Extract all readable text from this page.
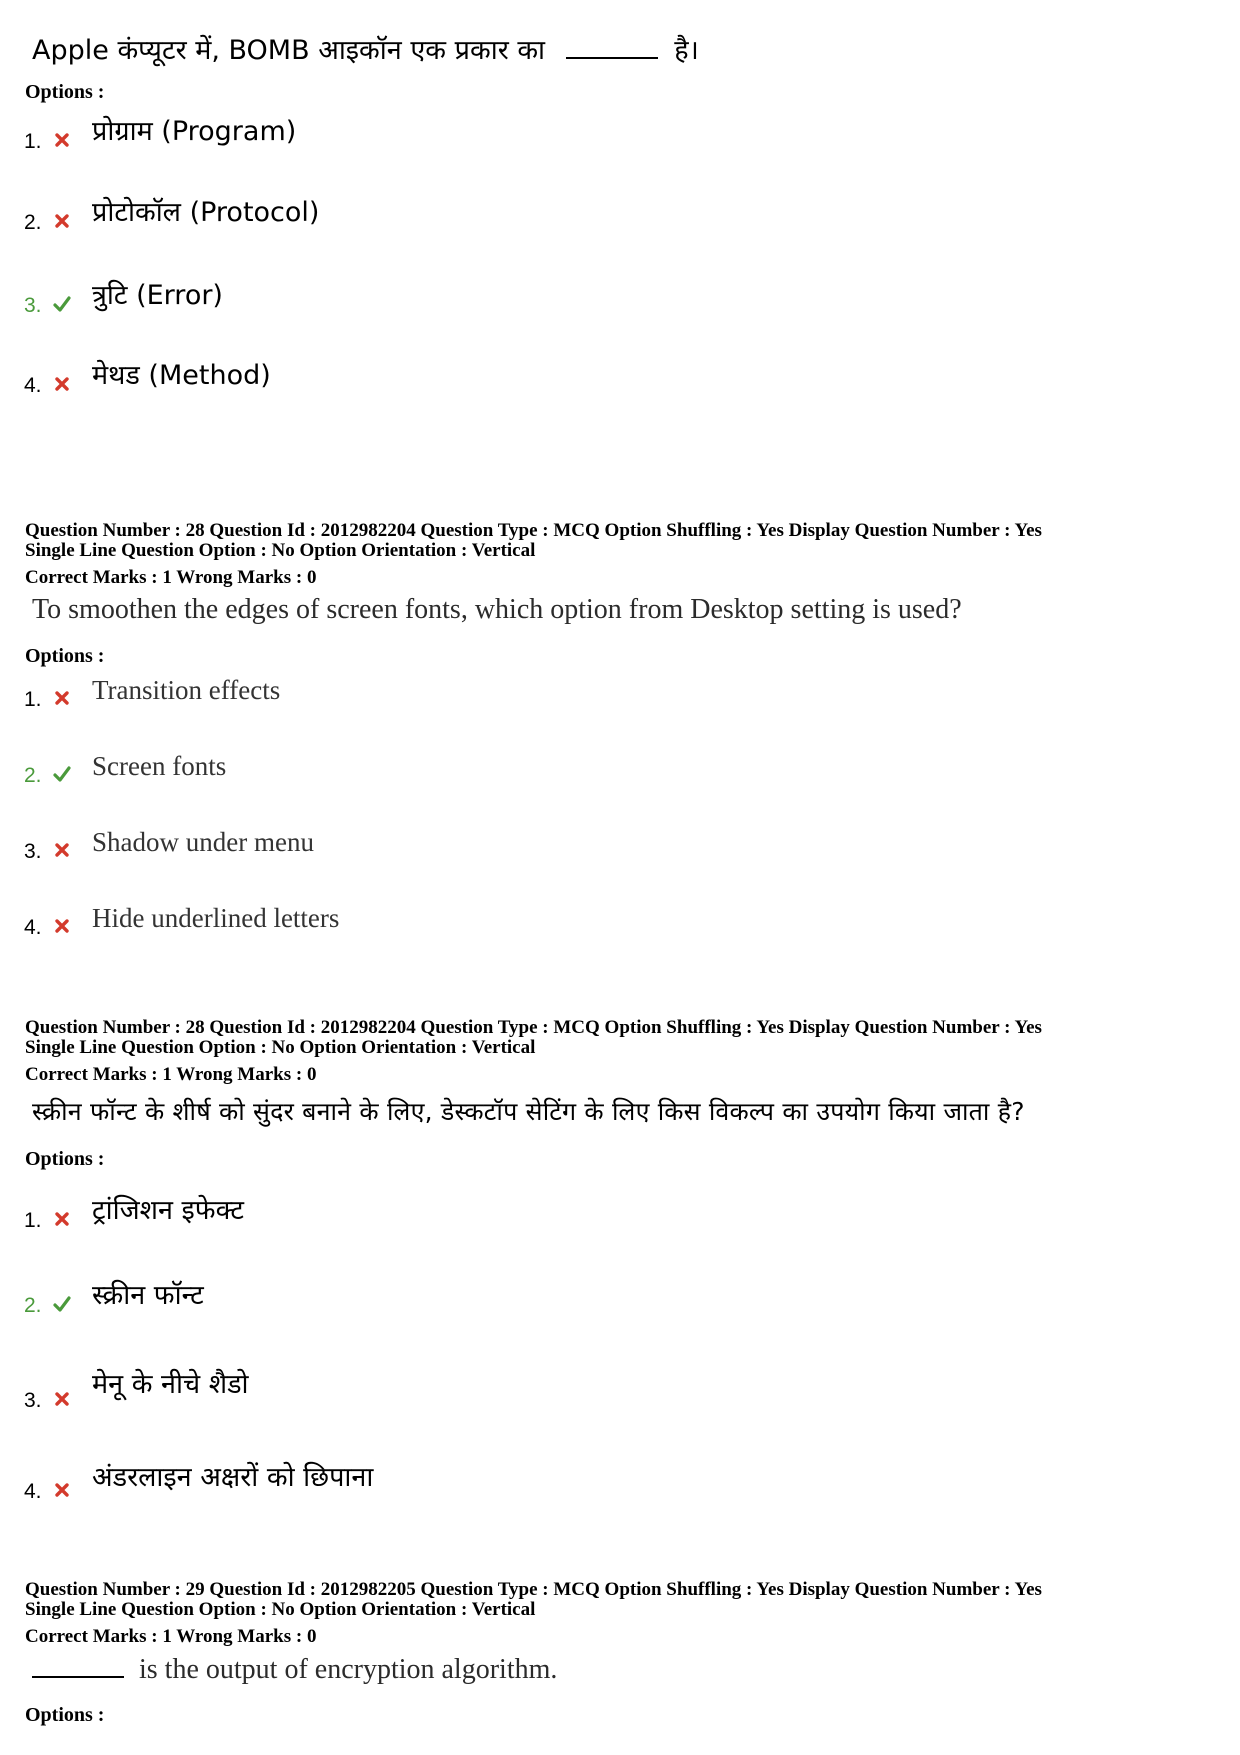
Apple कंप्यूटर में, BOMB आइकॉन एक प्रकार का	है।
Options :
1. प्रोग्राम (Program)
2. प्रोटोकॉल (Protocol)
3. त्रुटि (Error)
4. मेथड (Method)
Question Number : 28 Question Id : 2012982204 Question Type : MCQ Option Shuffling : Yes Display Question Number : Yes
Single Line Question Option : No Option Orientation : Vertical
Correct Marks : 1 Wrong Marks : 0
To smoothen the edges of screen fonts, which option from Desktop setting is used?
Options :
1. Transition effects
2. Screen fonts
3. Shadow under menu
4. Hide underlined letters
Question Number : 28 Question Id : 2012982204 Question Type : MCQ Option Shuffling : Yes Display Question Number : Yes
Single Line Question Option : No Option Orientation : Vertical
Correct Marks : 1 Wrong Marks : 0
स्क्रीन फॉन्ट के शीर्ष को सुंदर बनाने के लिए, डेस्कटॉप सेटिंग के लिए किस विकल्प का उपयोग किया जाता है?
Options :
1. ट्रांजिशन इफेक्ट
2. स्क्रीन फॉन्ट
3.
मेनू के नीचे शैडो
4. अंडरलाइन अक्षरों को छिपाना
Question Number : 29 Question Id : 2012982205 Question Type : MCQ Option Shuffling : Yes Display Question Number : Yes
Single Line Question Option : No Option Orientation : Vertical
Correct Marks : 1 Wrong Marks : 0
is the output of encryption algorithm.
Options :
